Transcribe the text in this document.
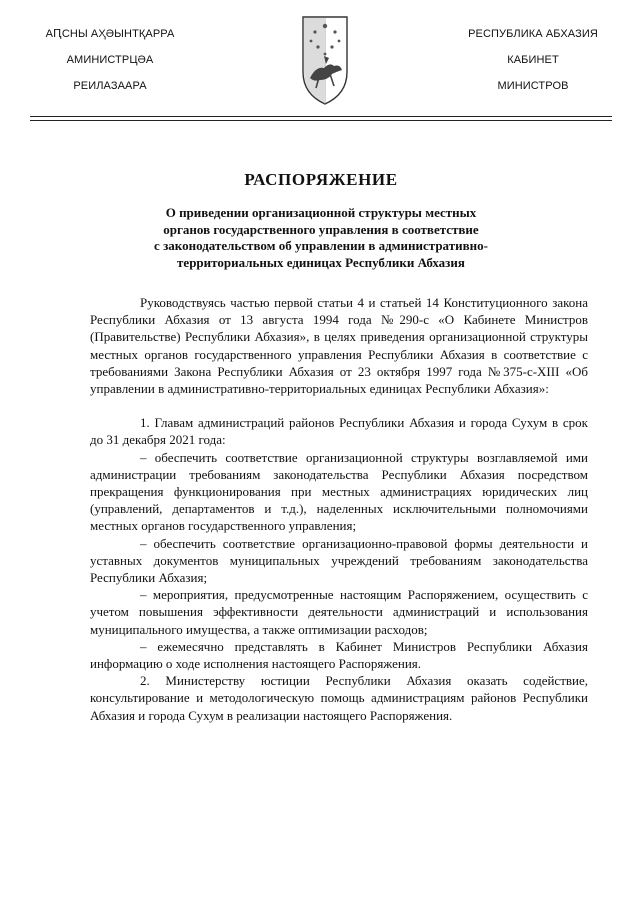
АԤСНЫ АҲӘЫНТҚАРРА
АМИНИСТРЦӘА
РЕИЛАЗААРА
РЕСПУБЛИКА АБХАЗИЯ
КАБИНЕТ
МИНИСТРОВ
РАСПОРЯЖЕНИЕ
О приведении организационной структуры местных
органов государственного управления в соответствие
с законодательством об управлении в административно-
территориальных единицах Республики Абхазия

Руководствуясь частью первой статьи 4 и статьей 14 Конституционного закона Республики Абхазия от 13 августа 1994 года №290-с «О Кабинете Министров (Правительстве) Республики Абхазия», в целях приведения организационной структуры местных органов государственного управления Республики Абхазия в соответствие с требованиями Закона Республики Абхазия от 23 октября 1997 года №375-с-XIII «Об управлении в административно-территориальных единицах Республики Абхазия»:

1. Главам администраций районов Республики Абхазия и города Сухум в срок до 31 декабря 2021 года:

– обеспечить соответствие организационной структуры возглавляемой ими администрации требованиям законодательства Республики Абхазия посредством прекращения функционирования при местных администрациях юридических лиц (управлений, департаментов и т.д.), наделенных исключительными полномочиями местных органов государственного управления;

– обеспечить соответствие организационно-правовой формы деятельности и уставных документов муниципальных учреждений требованиям законодательства Республики Абхазия;

– мероприятия, предусмотренные настоящим Распоряжением, осуществить с учетом повышения эффективности деятельности администраций и использования муниципального имущества, а также оптимизации расходов;

– ежемесячно представлять в Кабинет Министров Республики Абхазия информацию о ходе исполнения настоящего Распоряжения.

2. Министерству юстиции Республики Абхазия оказать содействие, консультирование и методологическую помощь администрациям районов Республики Абхазия и города Сухум в реализации настоящего Распоряжения.
